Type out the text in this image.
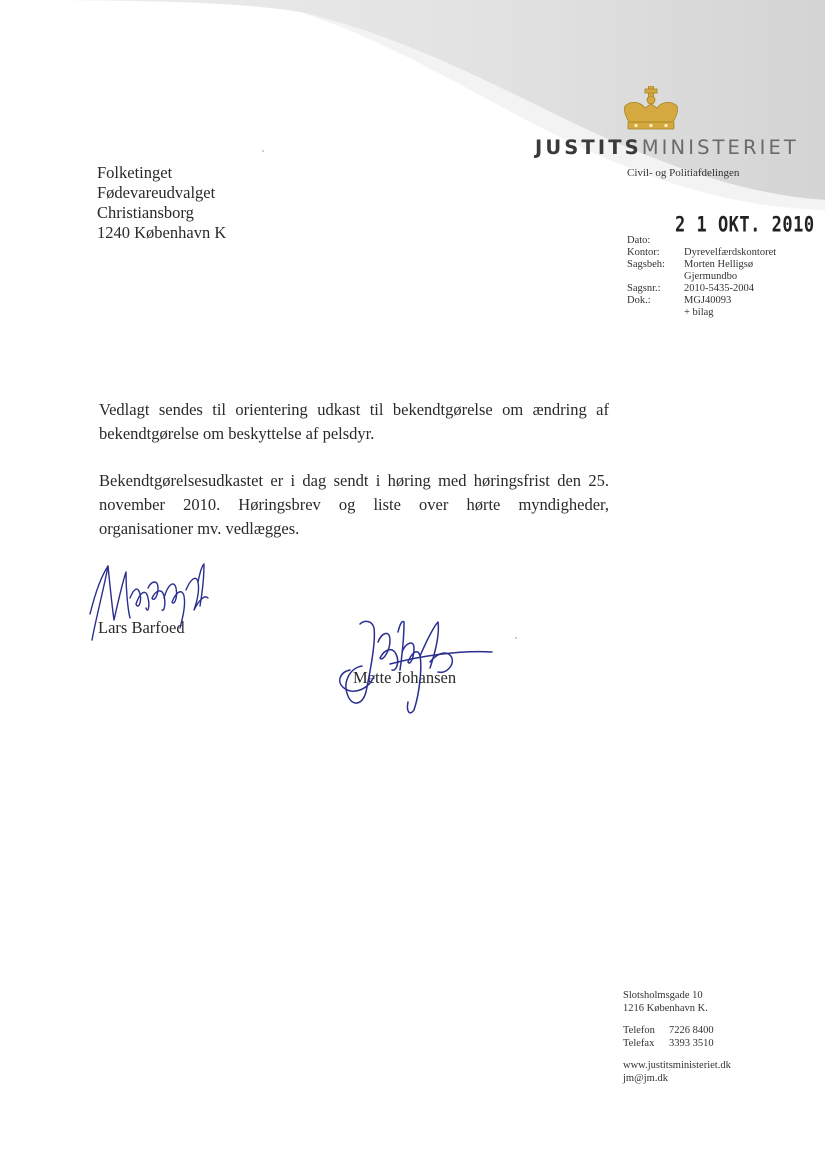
Folketinget
Fødevareudvalget
Christiansborg
1240 København K
JUSTITSMINISTERIET
Civil- og Politiafdelingen
2 1 OKT. 2010
Dato:
Kontor:	Dyrevelfærdskontoret
Sagsbeh:	Morten Helligsø
Gjermundbo
Sagsnr.:	2010-5435-2004
Dok.:	MGJ40093
+ bilag

Vedlagt sendes til orientering udkast til bekendtgørelse om ændring af bekendtgørelse om beskyttelse af pelsdyr.

Bekendtgørelsesudkastet er i dag sendt i høring med høringsfrist den 25. november 2010. Høringsbrev og liste over hørte myndigheder, organisationer mv. vedlægges.

Lars Barfoed
Mette Johansen
Slotsholmsgade 10
1216 København K.
Telefon	7226 8400
Telefax	3393 3510
www.justitsministeriet.dk
jm@jm.dk
